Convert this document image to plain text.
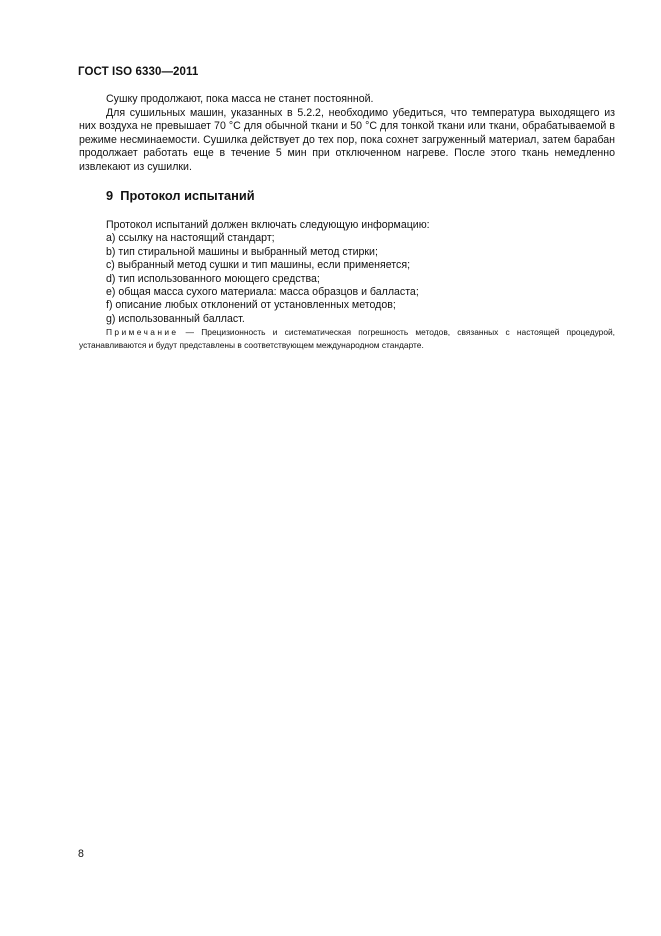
ГОСТ ISO 6330—2011

Сушку продолжают, пока масса не станет постоянной.

Для сушильных машин, указанных в 5.2.2, необходимо убедиться, что температура выходящего из них воздуха не превышает 70 °С для обычной ткани и 50 °С для тонкой ткани или ткани, обрабатываемой в режиме несминаемости. Сушилка действует до тех пор, пока сохнет загруженный материал, затем барабан продолжает работать еще в течение 5 мин при отключенном нагреве. После этого ткань немедленно извлекают из сушилки.

9 Протокол испытаний
Протокол испытаний должен включать следующую информацию:
a) ссылку на настоящий стандарт;
b) тип стиральной машины и выбранный метод стирки;
c) выбранный метод сушки и тип машины, если применяется;
d) тип использованного моющего средства;
e) общая масса сухого материала: масса образцов и балласта;
f) описание любых отклонений от установленных методов;
g) использованный балласт.
Примечание — Прецизионность и систематическая погрешность методов, связанных с настоящей процедурой, устанавливаются и будут представлены в соответствующем международном стандарте.
8
